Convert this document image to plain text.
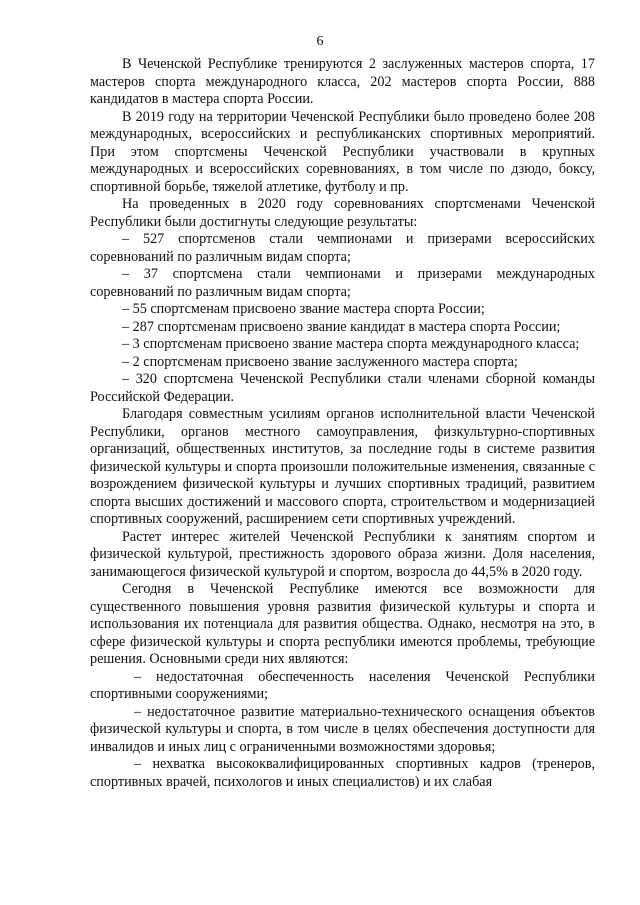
6

В Чеченской Республике тренируются 2 заслуженных мастеров спорта, 17 мастеров спорта международного класса, 202 мастеров спорта России, 888 кандидатов в мастера спорта России.

В 2019 году на территории Чеченской Республики было проведено более 208 международных, всероссийских и республиканских спортивных мероприятий. При этом спортсмены Чеченской Республики участвовали в крупных международных и всероссийских соревнованиях, в том числе по дзюдо, боксу, спортивной борьбе, тяжелой атлетике, футболу и пр.

На проведенных в 2020 году соревнованиях спортсменами Чеченской Республики были достигнуты следующие результаты:

– 527 спортсменов стали чемпионами и призерами всероссийских соревнований по различным видам спорта;

– 37 спортсмена стали чемпионами и призерами международных соревнований по различным видам спорта;

– 55 спортсменам присвоено звание мастера спорта России;

– 287 спортсменам присвоено звание кандидат в мастера спорта России;

– 3 спортсменам присвоено звание мастера спорта международного класса;

– 2 спортсменам присвоено звание заслуженного мастера спорта;

– 320 спортсмена Чеченской Республики стали членами сборной команды Российской Федерации.

Благодаря совместным усилиям органов исполнительной власти Чеченской Республики, органов местного самоуправления, физкультурно-спортивных организаций, общественных институтов, за последние годы в системе развития физической культуры и спорта произошли положительные изменения, связанные с возрождением физической культуры и лучших спортивных традиций, развитием спорта высших достижений и массового спорта, строительством и модернизацией спортивных сооружений, расширением сети спортивных учреждений.

Растет интерес жителей Чеченской Республики к занятиям спортом и физической культурой, престижность здорового образа жизни. Доля населения, занимающегося физической культурой и спортом, возросла до 44,5% в 2020 году.

Сегодня в Чеченской Республике имеются все возможности для существенного повышения уровня развития физической культуры и спорта и использования их потенциала для развития общества. Однако, несмотря на это, в сфере физической культуры и спорта республики имеются проблемы, требующие решения. Основными среди них являются:

– недостаточная обеспеченность населения Чеченской Республики спортивными сооружениями;

– недостаточное развитие материально-технического оснащения объектов физической культуры и спорта, в том числе в целях обеспечения доступности для инвалидов и иных лиц с ограниченными возможностями здоровья;

– нехватка высококвалифицированных спортивных кадров (тренеров, спортивных врачей, психологов и иных специалистов) и их слабая
